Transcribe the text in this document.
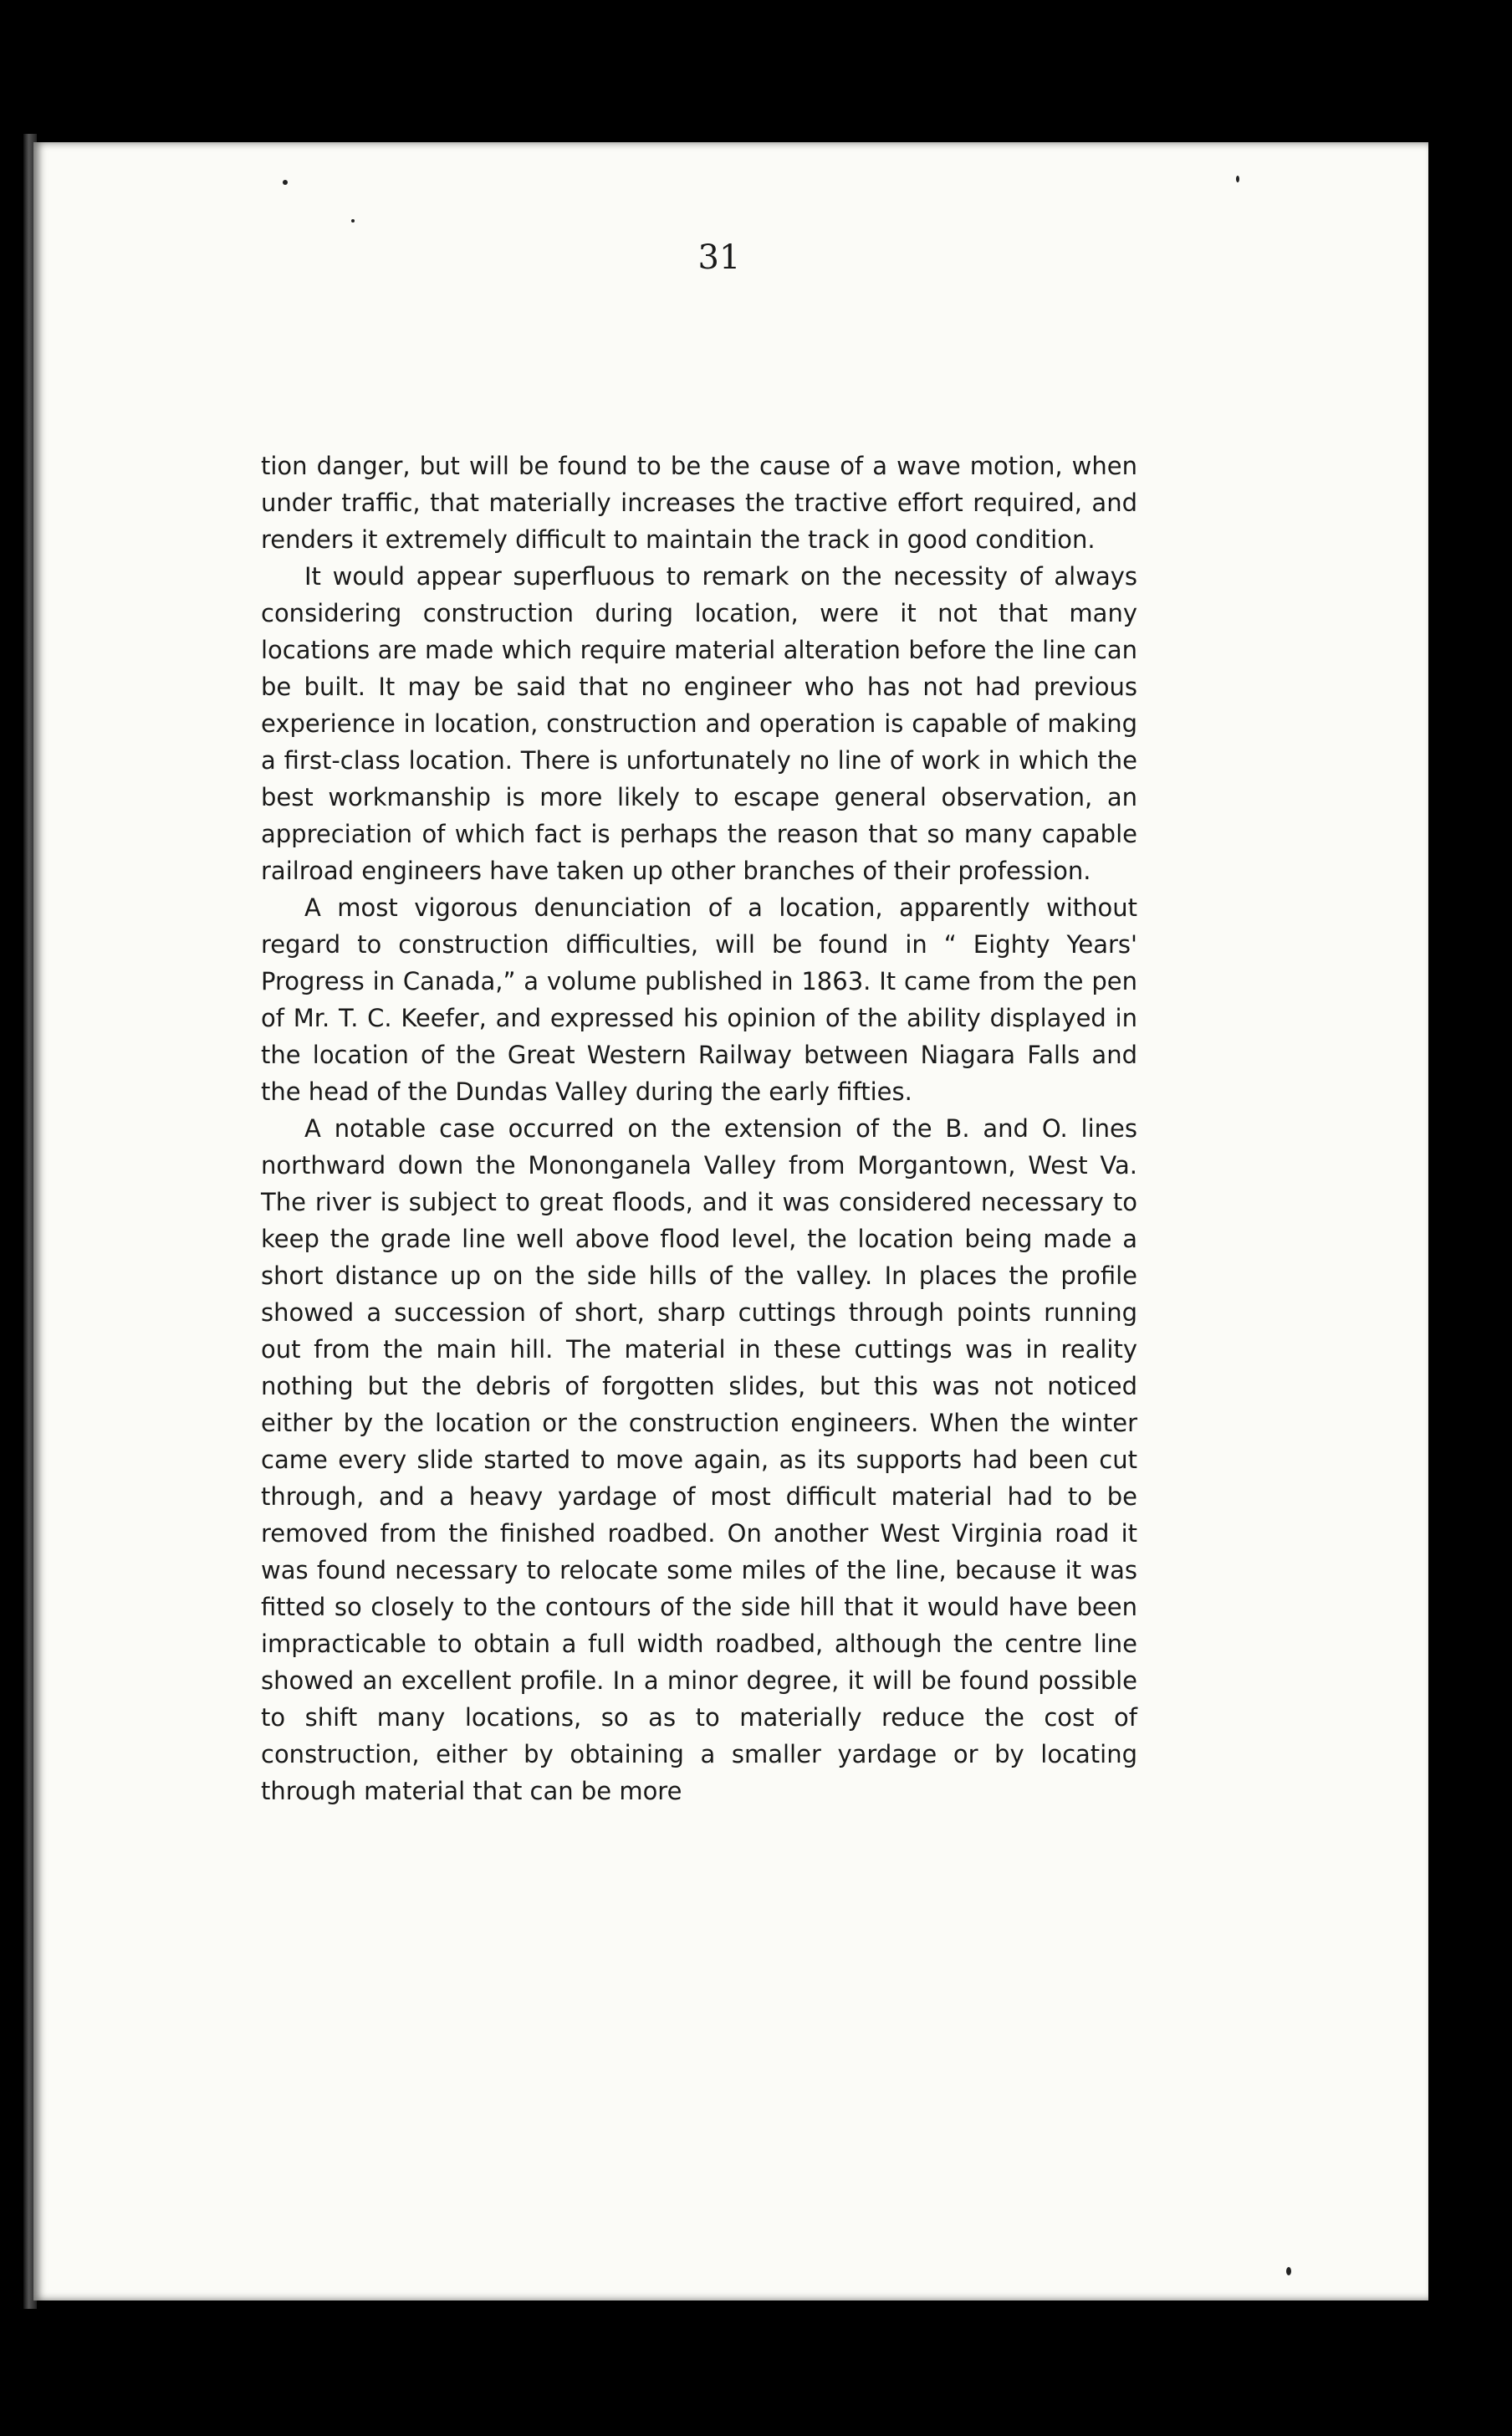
31

tion danger, but will be found to be the cause of a wave motion, when under traffic, that materially increases the tractive effort required, and renders it extremely difficult to maintain the track in good condition.

It would appear superfluous to remark on the necessity of always considering construction during location, were it not that many locations are made which require material alteration before the line can be built. It may be said that no engineer who has not had previous experience in location, construction and operation is capable of making a first-class location. There is unfortunately no line of work in which the best workmanship is more likely to escape general observation, an appreciation of which fact is perhaps the reason that so many capable railroad engineers have taken up other branches of their profession.

A most vigorous denunciation of a location, apparently without regard to construction difficulties, will be found in “ Eighty Years' Progress in Canada,” a volume published in 1863. It came from the pen of Mr. T. C. Keefer, and expressed his opinion of the ability displayed in the location of the Great Western Railway between Niagara Falls and the head of the Dundas Valley during the early fifties.

A notable case occurred on the extension of the B. and O. lines northward down the Mononganela Valley from Morgantown, West Va. The river is subject to great floods, and it was considered necessary to keep the grade line well above flood level, the location being made a short distance up on the side hills of the valley. In places the profile showed a succession of short, sharp cuttings through points running out from the main hill. The material in these cuttings was in reality nothing but the debris of forgotten slides, but this was not noticed either by the location or the construction engineers. When the winter came every slide started to move again, as its supports had been cut through, and a heavy yardage of most difficult material had to be removed from the finished roadbed. On another West Virginia road it was found necessary to relocate some miles of the line, because it was fitted so closely to the contours of the side hill that it would have been impracticable to obtain a full width roadbed, although the centre line showed an excellent profile. In a minor degree, it will be found possible to shift many locations, so as to materially reduce the cost of construction, either by obtaining a smaller yardage or by locating through material that can be more
